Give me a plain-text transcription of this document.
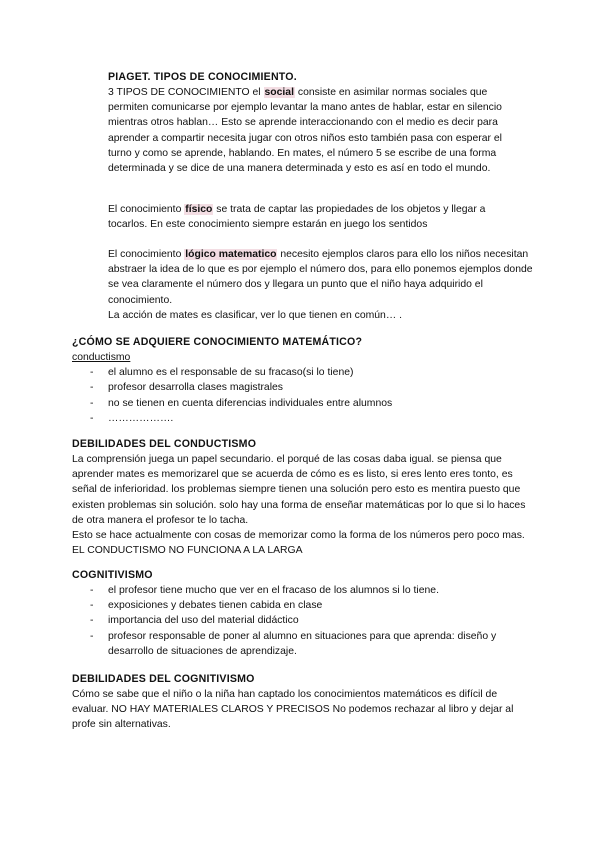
PIAGET. TIPOS DE CONOCIMIENTO.

3 TIPOS DE CONOCIMIENTO el social consiste en asimilar normas sociales que permiten comunicarse por ejemplo levantar la mano antes de hablar, estar en silencio mientras otros hablan… Esto se aprende interaccionando con el medio es decir para aprender a compartir necesita jugar con otros niños esto también pasa con esperar el turno y como se aprende, hablando. En mates, el número 5 se escribe de una forma determinada y se dice de una manera determinada y esto es así en todo el mundo.

El conocimiento físico se trata de captar las propiedades de los objetos y llegar a tocarlos. En este conocimiento siempre estarán en juego los sentidos

El conocimiento lógico matematico necesito ejemplos claros para ello los niños necesitan abstraer la idea de lo que es por ejemplo el número dos, para ello ponemos ejemplos donde se vea claramente el número dos y llegara un punto que el niño haya adquirido el conocimiento.

La acción de mates es clasificar, ver lo que tienen en común… .

¿CÓMO SE ADQUIERE CONOCIMIENTO MATEMÁTICO?

conductismo

- el alumno es el responsable de su fracaso(si lo tiene)
- profesor desarrolla clases magistrales
- no se tienen en cuenta diferencias individuales entre alumnos
- ……………….
DEBILIDADES DEL CONDUCTISMO

La comprensión juega un papel secundario. el porqué de las cosas daba igual. se piensa que aprender mates es memorizarel que se acuerda de cómo es es listo, si eres lento eres tonto, es señal de inferioridad. los problemas siempre tienen una solución pero esto es mentira puesto que existen problemas sin solución. solo hay una forma de enseñar matemáticas por lo que si lo haces de otra manera el profesor te lo tacha.

Esto se hace actualmente con cosas de memorizar como la forma de los números pero poco mas. EL CONDUCTISMO NO FUNCIONA A LA LARGA

COGNITIVISMO
- el profesor tiene mucho que ver en el fracaso de los alumnos si lo tiene.
- exposiciones y debates tienen cabida en clase
- importancia del uso del material didáctico
- profesor responsable de poner al alumno en situaciones para que aprenda: diseño y desarrollo de situaciones de aprendizaje.
DEBILIDADES DEL COGNITIVISMO

Cómo se sabe que el niño o la niña han captado los conocimientos matemáticos es difícil de evaluar. NO HAY MATERIALES CLAROS Y PRECISOS No podemos rechazar al libro y dejar al profe sin alternativas.
